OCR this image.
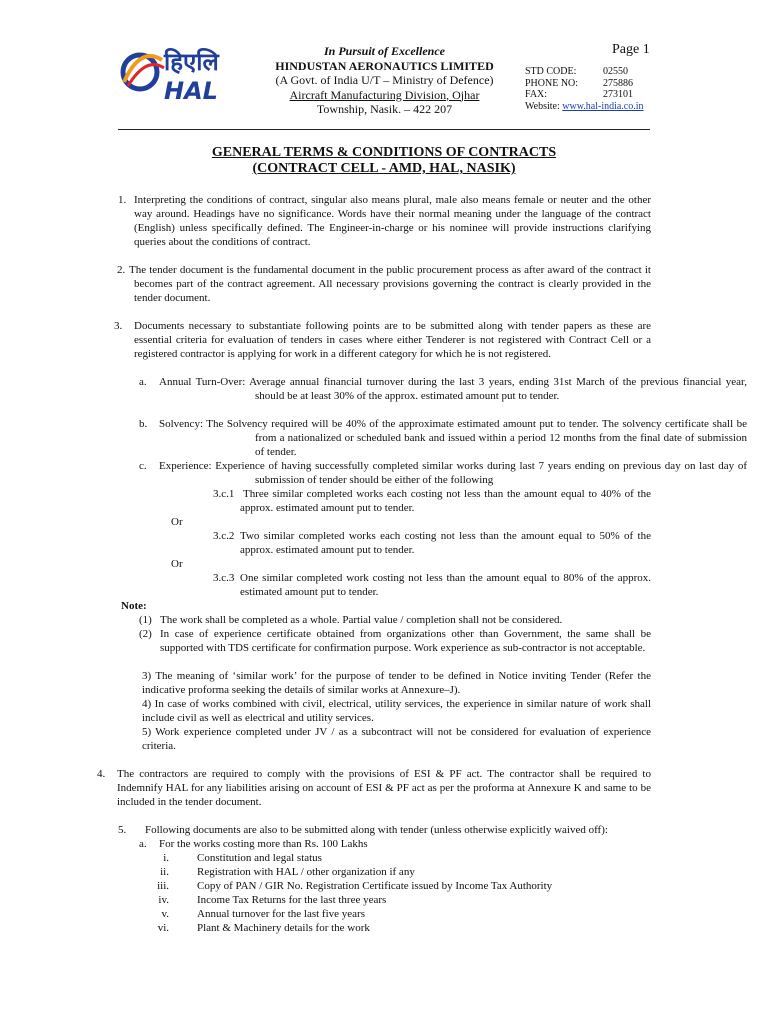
हिएलि
HAL
In Pursuit of Excellence
HINDUSTAN AERONAUTICS LIMITED
(A Govt. of India U/T – Ministry of Defence)
Aircraft Manufacturing Division, Ojhar
Township, Nasik. – 422 207
Page 1
STD CODE:	02550
PHONE NO:	275886
FAX:	273101
Website: www.hal-india.co.in
GENERAL TERMS & CONDITIONS OF CONTRACTS
(CONTRACT CELL - AMD, HAL, NASIK)
1. Interpreting the conditions of contract, singular also means plural, male also means female or neuter and the other way around. Headings have no significance. Words have their normal meaning under the language of the contract (English) unless specifically defined. The Engineer-in-charge or his nominee will provide instructions clarifying queries about the conditions of contract.
2. The tender document is the fundamental document in the public procurement process as after award of the contract it becomes part of the contract agreement. All necessary provisions governing the contract is clearly provided in the tender document.
3. Documents necessary to substantiate following points are to be submitted along with tender papers as these are essential criteria for evaluation of tenders in cases where either Tenderer is not registered with Contract Cell or a registered contractor is applying for work in a different category for which he is not registered.
a. Annual Turn-Over: Average annual financial turnover during the last 3 years, ending 31st March of the previous financial year, should be at least 30% of the approx. estimated amount put to tender.
b. Solvency: The Solvency required will be 40% of the approximate estimated amount put to tender. The solvency certificate shall be from a nationalized or scheduled bank and issued within a period 12 months from the final date of submission of tender.
c. Experience: Experience of having successfully completed similar works during last 7 years ending on previous day on last day of submission of tender should be either of the following
3.c.1 Three similar completed works each costing not less than the amount equal to 40% of the approx. estimated amount put to tender.
Or
3.c.2 Two similar completed works each costing not less than the amount equal to 50% of the approx. estimated amount put to tender.
Or
3.c.3 One similar completed work costing not less than the amount equal to 80% of the approx. estimated amount put to tender.
Note:
(1) The work shall be completed as a whole. Partial value / completion shall not be considered.
(2) In case of experience certificate obtained from organizations other than Government, the same shall be supported with TDS certificate for confirmation purpose. Work experience as sub-contractor is not acceptable.
3) The meaning of ‘similar work’ for the purpose of tender to be defined in Notice inviting Tender (Refer the indicative proforma seeking the details of similar works at Annexure–J).
4) In case of works combined with civil, electrical, utility services, the experience in similar nature of work shall include civil as well as electrical and utility services.
5) Work experience completed under JV / as a subcontract will not be considered for evaluation of experience criteria.
4. The contractors are required to comply with the provisions of ESI & PF act. The contractor shall be required to Indemnify HAL for any liabilities arising on account of ESI & PF act as per the proforma at Annexure K and same to be included in the tender document.
5. Following documents are also to be submitted along with tender (unless otherwise explicitly waived off):
a. For the works costing more than Rs. 100 Lakhs
i.	Constitution and legal status
ii.	Registration with HAL / other organization if any
iii.	Copy of PAN / GIR No. Registration Certificate issued by Income Tax Authority
iv.	Income Tax Returns for the last three years
v.	Annual turnover for the last five years
vi.	Plant & Machinery details for the work
